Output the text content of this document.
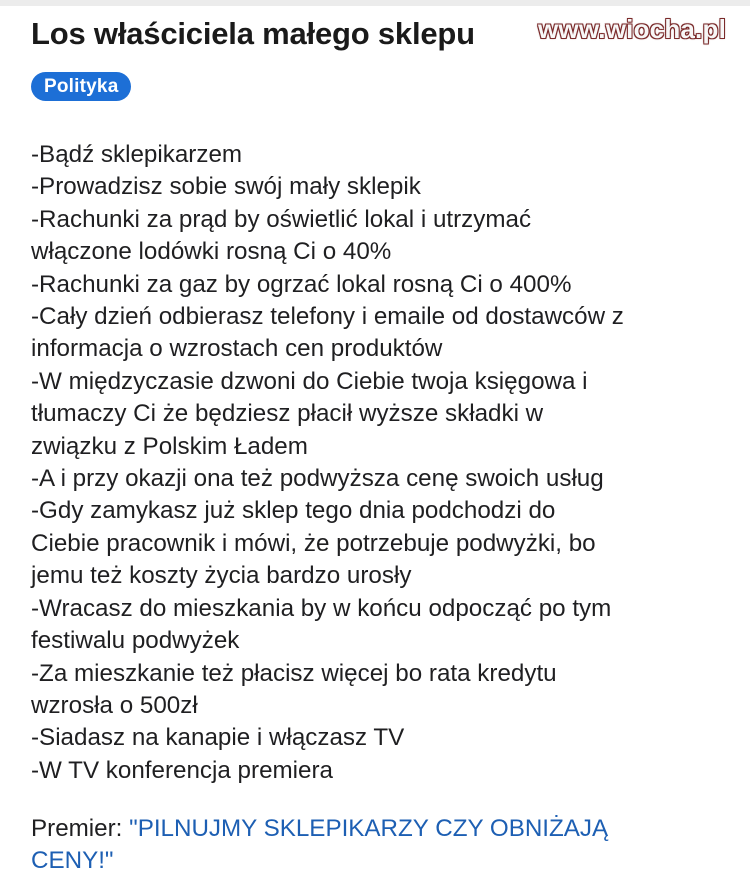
www.wiocha.pl
Los właściciela małego sklepu
Polityka
-Bądź sklepikarzem
-Prowadzisz sobie swój mały sklepik
-Rachunki za prąd by oświetlić lokal i utrzymać
włączone lodówki rosną Ci o 40%
-Rachunki za gaz by ogrzać lokal rosną Ci o 400%
-Cały dzień odbierasz telefony i emaile od dostawców z
informacja o wzrostach cen produktów
-W międzyczasie dzwoni do Ciebie twoja księgowa i
tłumaczy Ci że będziesz płacił wyższe składki w
związku z Polskim Ładem
-A i przy okazji ona też podwyższa cenę swoich usług
-Gdy zamykasz już sklep tego dnia podchodzi do
Ciebie pracownik i mówi, że potrzebuje podwyżki, bo
jemu też koszty życia bardzo urosły
-Wracasz do mieszkania by w końcu odpocząć po tym
festiwalu podwyżek
-Za mieszkanie też płacisz więcej bo rata kredytu
wzrosła o 500zł
-Siadasz na kanapie i włączasz TV
-W TV konferencja premiera
Premier: "PILNUJMY SKLEPIKARZY CZY OBNIŻAJĄ
CENY!"
